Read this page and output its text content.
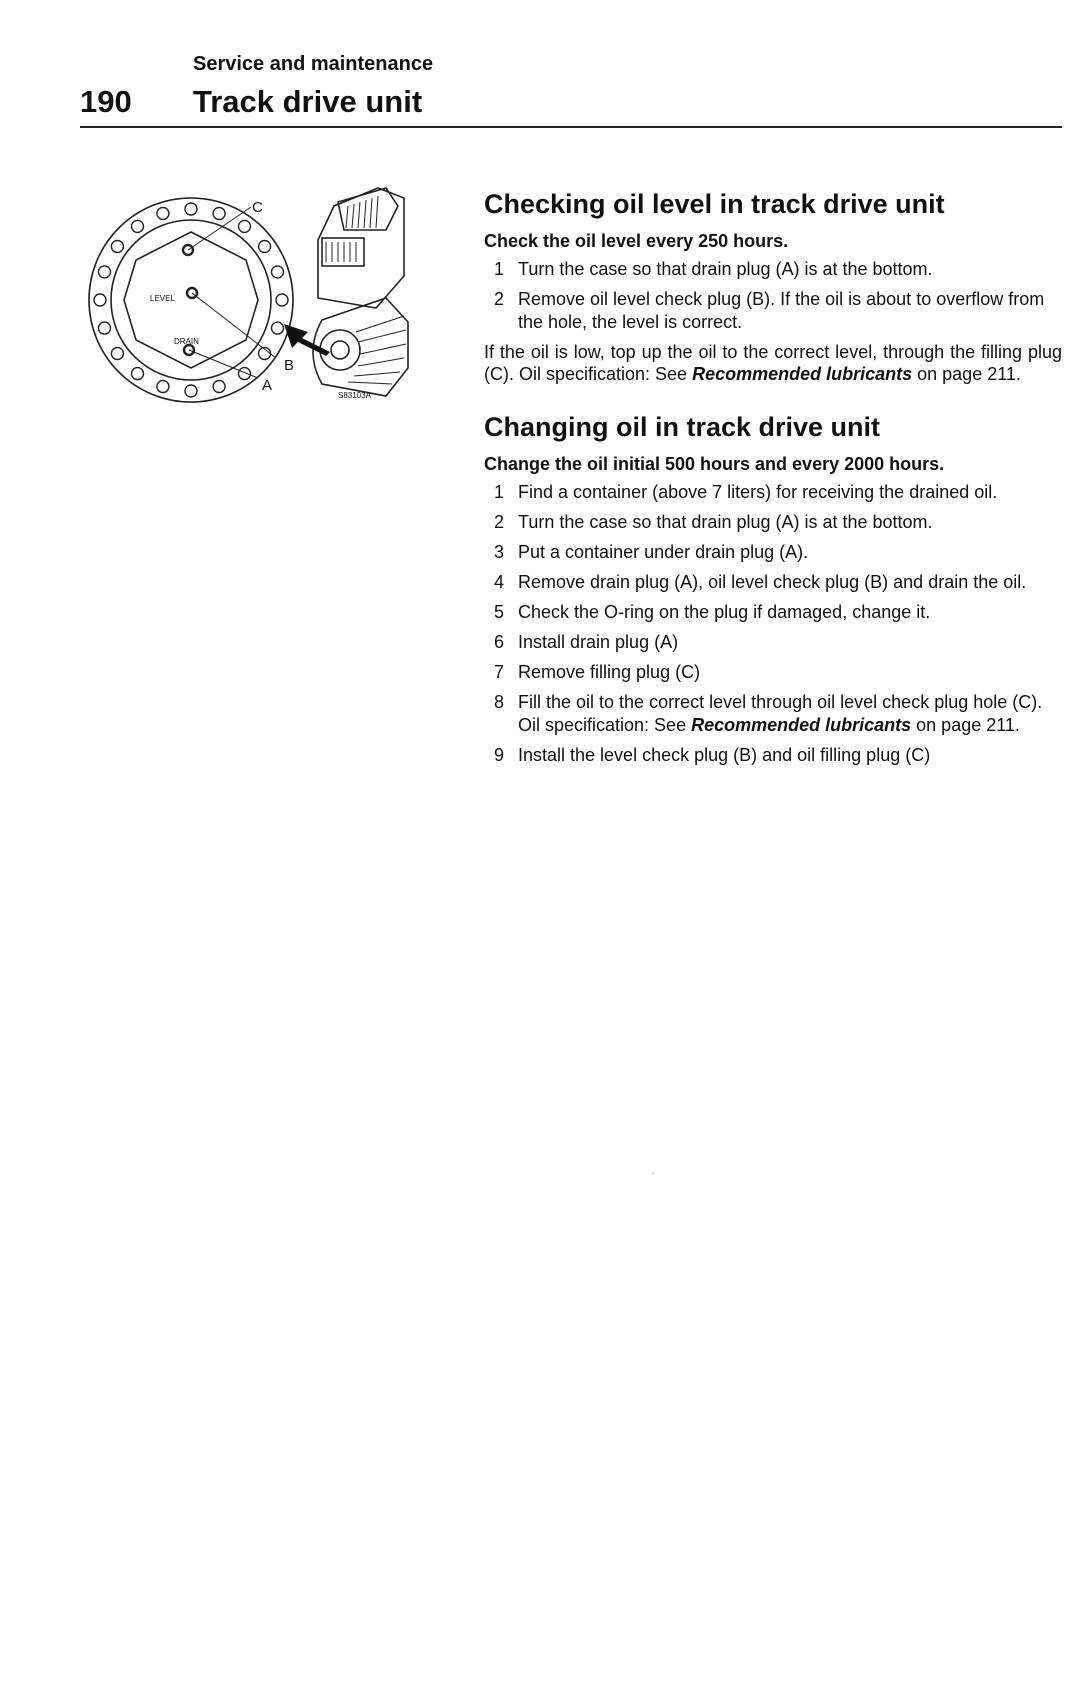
Service and maintenance
190 Track drive unit
C
B
A
LEVEL
DRAIN
S83103A
Checking oil level in track drive unit
Check the oil level every 250 hours.
1 Turn the case so that drain plug (A) is at the bottom.
2 Remove oil level check plug (B). If the oil is about to overflow from the hole, the level is correct.

If the oil is low, top up the oil to the correct level, through the filling plug (C). Oil specification: See Recommended lubricants on page 211.

Changing oil in track drive unit
Change the oil initial 500 hours and every 2000 hours.
1 Find a container (above 7 liters) for receiving the drained oil.
2 Turn the case so that drain plug (A) is at the bottom.
3 Put a container under drain plug (A).
4 Remove drain plug (A), oil level check plug (B) and drain the oil.
5 Check the O-ring on the plug if damaged, change it.
6 Install drain plug (A)
7 Remove filling plug (C)
8 Fill the oil to the correct level through oil level check plug hole (C). Oil specification: See Recommended lubricants on page 211.
9 Install the level check plug (B) and oil filling plug (C)
